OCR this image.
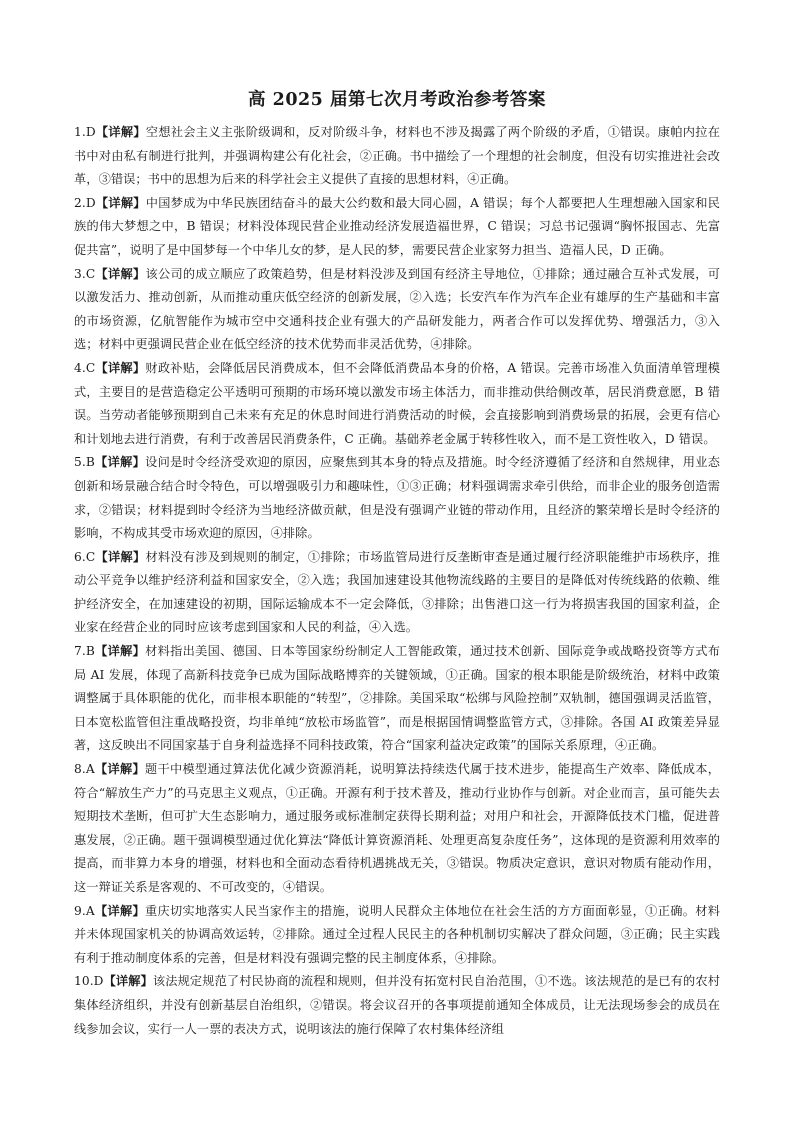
高 2025 届第七次月考政治参考答案

1.D【详解】空想社会主义主张阶级调和，反对阶级斗争，材料也不涉及揭露了两个阶级的矛盾，①错误。康帕内拉在书中对由私有制进行批判，并强调构建公有化社会，②正确。书中描绘了一个理想的社会制度，但没有切实推进社会改革，③错误；书中的思想为后来的科学社会主义提供了直接的思想材料，④正确。

2.D【详解】中国梦成为中华民族团结奋斗的最大公约数和最大同心圆，A 错误；每个人都要把人生理想融入国家和民族的伟大梦想之中，B 错误；材料没体现民营企业推动经济发展造福世界，C 错误；习总书记强调“胸怀报国志、先富促共富”，说明了是中国梦每一个中华儿女的梦，是人民的梦，需要民营企业家努力担当、造福人民，D 正确。

3.C【详解】该公司的成立顺应了政策趋势，但是材料没涉及到国有经济主导地位，①排除；通过融合互补式发展，可以激发活力、推动创新，从而推动重庆低空经济的创新发展，②入选；长安汽车作为汽车企业有雄厚的生产基础和丰富的市场资源，亿航智能作为城市空中交通科技企业有强大的产品研发能力，两者合作可以发挥优势、增强活力，③入选；材料中更强调民营企业在低空经济的技术优势而非灵活优势，④排除。

4.C【详解】财政补贴，会降低居民消费成本，但不会降低消费品本身的价格，A 错误。完善市场准入负面清单管理模式，主要目的是营造稳定公平透明可预期的市场环境以激发市场主体活力，而非推动供给侧改革，居民消费意愿，B 错误。当劳动者能够预期到自己未来有充足的休息时间进行消费活动的时候，会直接影响到消费场景的拓展，会更有信心和计划地去进行消费，有利于改善居民消费条件，C 正确。基础养老金属于转移性收入，而不是工资性收入，D 错误。

5.B【详解】设问是时令经济受欢迎的原因，应聚焦到其本身的特点及措施。时令经济遵循了经济和自然规律，用业态创新和场景融合结合时令特色，可以增强吸引力和趣味性，①③正确；材料强调需求牵引供给，而非企业的服务创造需求，②错误；材料提到时令经济为当地经济做贡献，但是没有强调产业链的带动作用，且经济的繁荣增长是时令经济的影响，不构成其受市场欢迎的原因，④排除。

6.C【详解】材料没有涉及到规则的制定，①排除；市场监管局进行反垄断审查是通过履行经济职能维护市场秩序，推动公平竞争以维护经济利益和国家安全，②入选；我国加速建设其他物流线路的主要目的是降低对传统线路的依赖、维护经济安全，在加速建设的初期，国际运输成本不一定会降低，③排除；出售港口这一行为将损害我国的国家利益，企业家在经营企业的同时应该考虑到国家和人民的利益，④入选。

7.B【详解】材料指出美国、德国、日本等国家纷纷制定人工智能政策，通过技术创新、国际竞争或战略投资等方式布局 AI 发展，体现了高新科技竞争已成为国际战略博弈的关键领域，①正确。国家的根本职能是阶级统治，材料中政策调整属于具体职能的优化，而非根本职能的“转型”，②排除。美国采取“松绑与风险控制”双轨制，德国强调灵活监管，日本宽松监管但注重战略投资，均非单纯“放松市场监管”，而是根据国情调整监管方式，③排除。各国 AI 政策差异显著，这反映出不同国家基于自身利益选择不同科技政策，符合“国家利益决定政策”的国际关系原理，④正确。

8.A【详解】题干中模型通过算法优化减少资源消耗，说明算法持续迭代属于技术进步，能提高生产效率、降低成本，符合“解放生产力”的马克思主义观点，①正确。开源有利于技术普及，推动行业协作与创新。对企业而言，虽可能失去短期技术垄断，但可扩大生态影响力，通过服务或标准制定获得长期利益；对用户和社会，开源降低技术门槛，促进普惠发展，②正确。题干强调模型通过优化算法“降低计算资源消耗、处理更高复杂度任务”，这体现的是资源利用效率的提高，而非算力本身的增强，材料也和全面动态看待机遇挑战无关，③错误。物质决定意识，意识对物质有能动作用，这一辩证关系是客观的、不可改变的，④错误。

9.A【详解】重庆切实地落实人民当家作主的措施，说明人民群众主体地位在社会生活的方方面面彰显，①正确。材料并未体现国家机关的协调高效运转，②排除。通过全过程人民民主的各种机制切实解决了群众问题，③正确；民主实践有利于推动制度体系的完善，但是材料没有强调完整的民主制度体系，④排除。

10.D【详解】该法规定规范了村民协商的流程和规则，但并没有拓宽村民自治范围，①不选。该法规范的是已有的农村集体经济组织，并没有创新基层自治组织，②错误。将会议召开的各事项提前通知全体成员，让无法现场参会的成员在线参加会议，实行一人一票的表决方式，说明该法的施行保障了农村集体经济组
